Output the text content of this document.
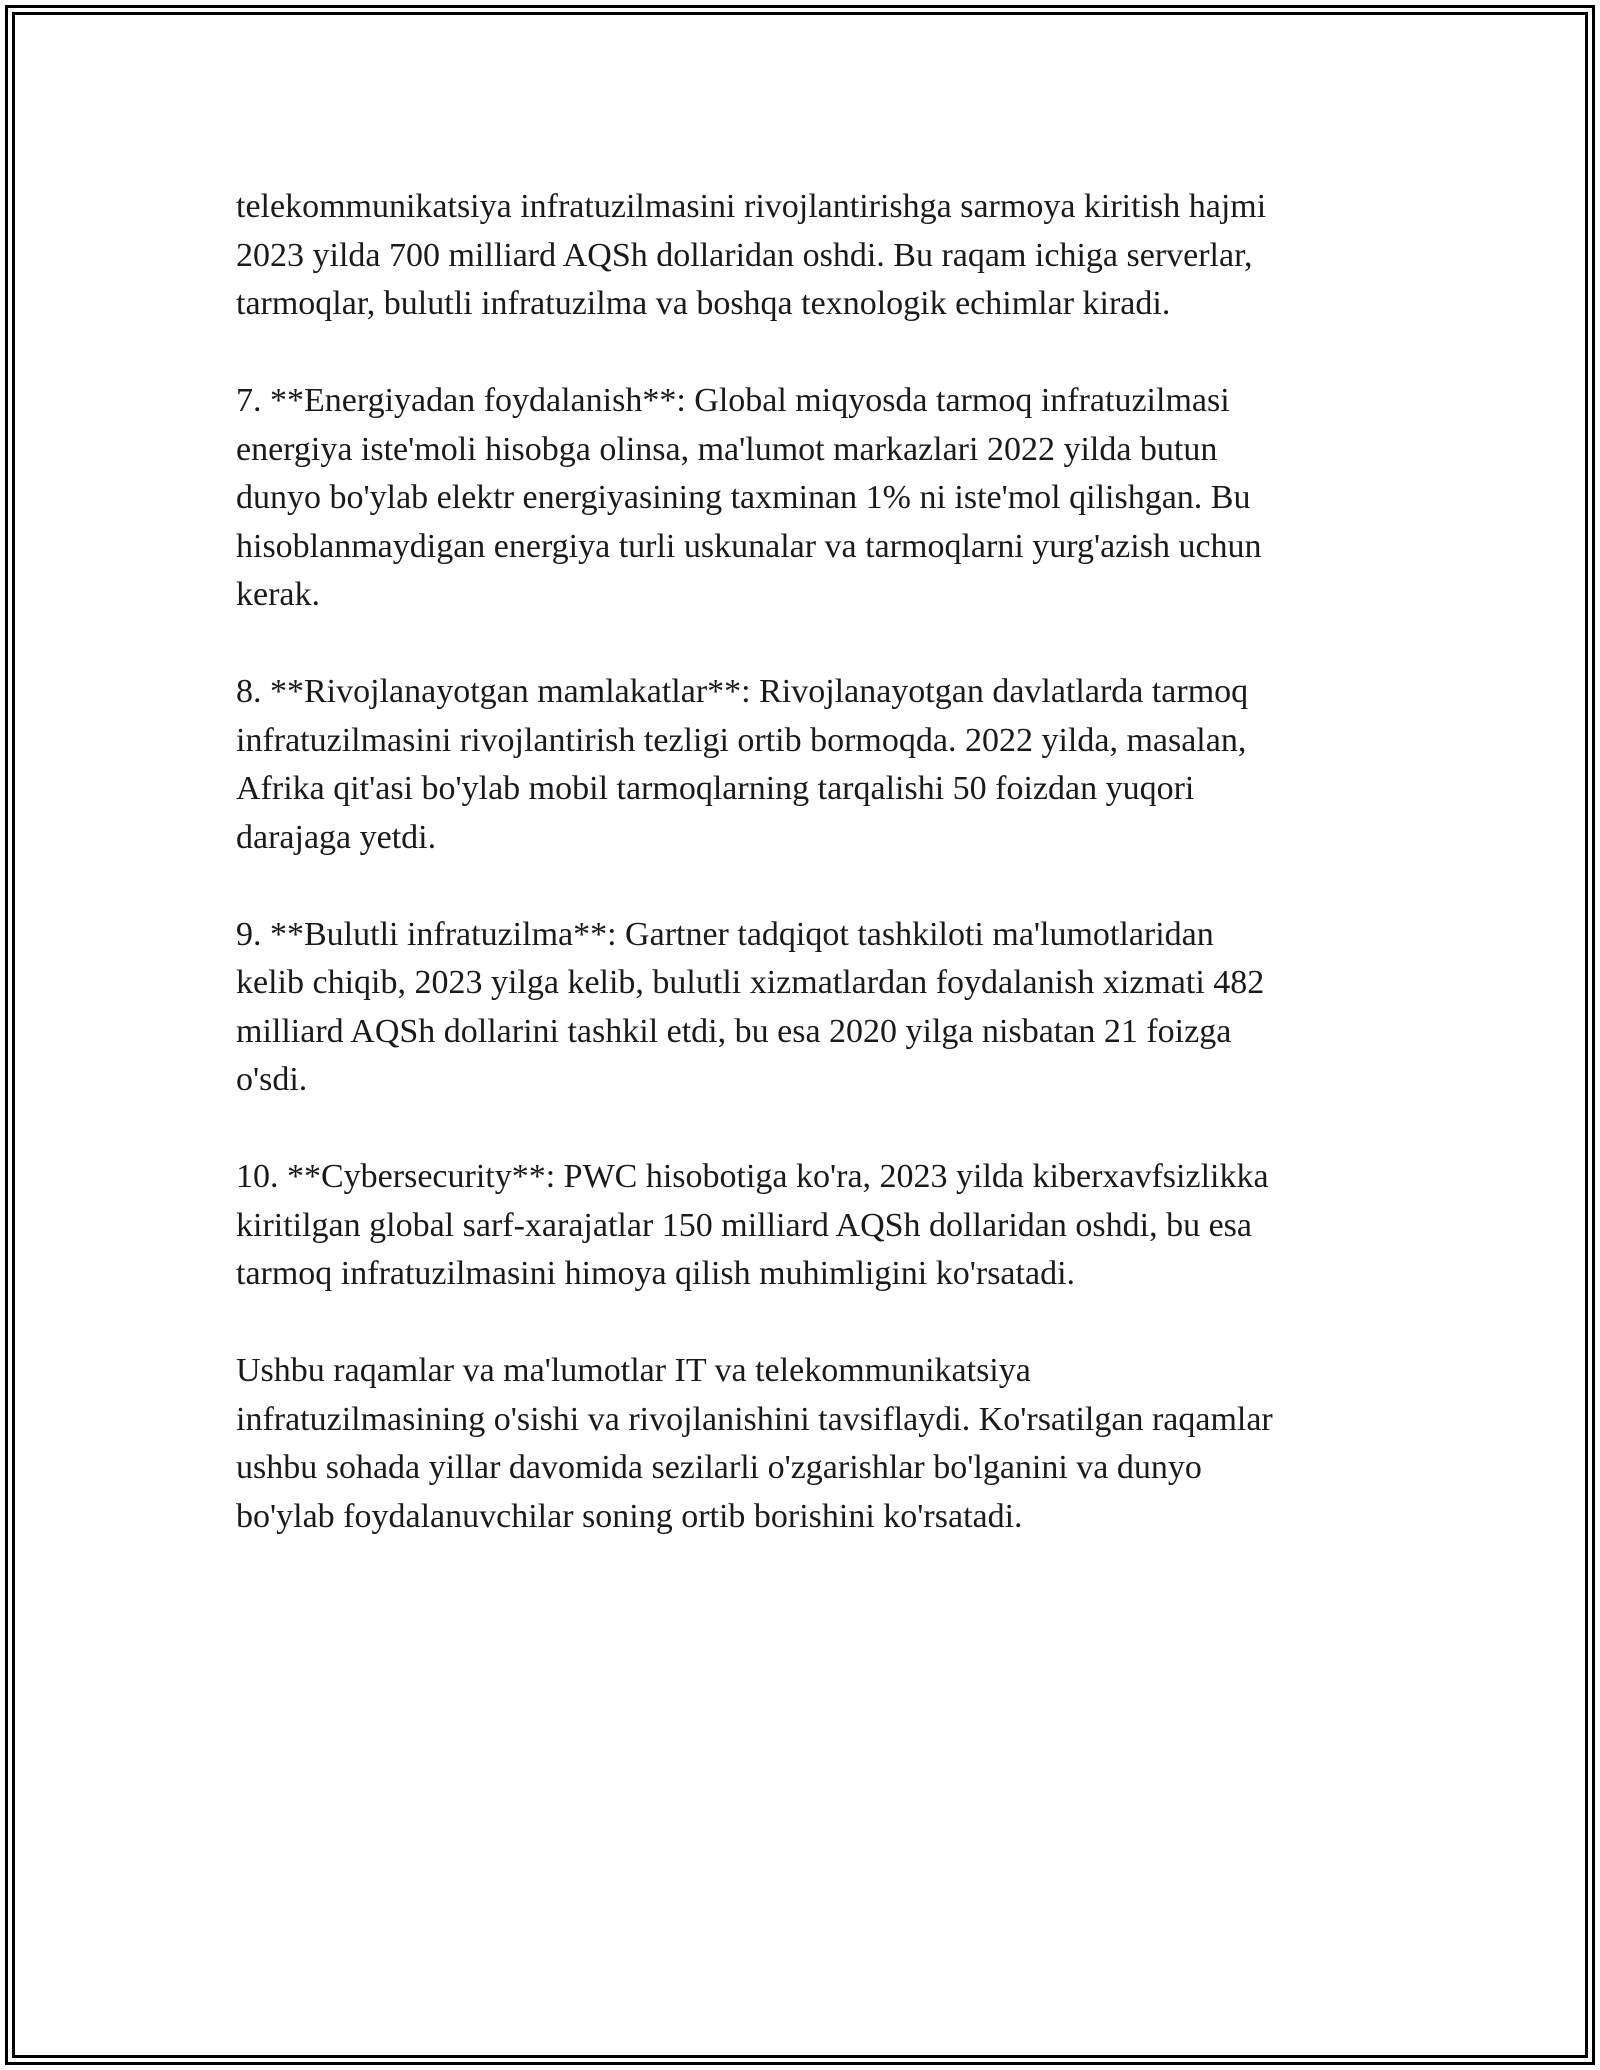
telekommunikatsiya infratuzilmasini rivojlantirishga sarmoya kiritish hajmi
2023 yilda 700 milliard AQSh dollaridan oshdi. Bu raqam ichiga serverlar,
tarmoqlar, bulutli infratuzilma va boshqa texnologik echimlar kiradi.

7. **Energiyadan foydalanish**: Global miqyosda tarmoq infratuzilmasi
energiya iste'moli hisobga olinsa, ma'lumot markazlari 2022 yilda butun
dunyo bo'ylab elektr energiyasining taxminan 1% ni iste'mol qilishgan. Bu
hisoblanmaydigan energiya turli uskunalar va tarmoqlarni yurg'azish uchun
kerak.

8. **Rivojlanayotgan mamlakatlar**: Rivojlanayotgan davlatlarda tarmoq
infratuzilmasini rivojlantirish tezligi ortib bormoqda. 2022 yilda, masalan,
Afrika qit'asi bo'ylab mobil tarmoqlarning tarqalishi 50 foizdan yuqori
darajaga yetdi.

9. **Bulutli infratuzilma**: Gartner tadqiqot tashkiloti ma'lumotlaridan
kelib chiqib, 2023 yilga kelib, bulutli xizmatlardan foydalanish xizmati 482
milliard AQSh dollarini tashkil etdi, bu esa 2020 yilga nisbatan 21 foizga
o'sdi.

10. **Cybersecurity**: PWC hisobotiga ko'ra, 2023 yilda kiberxavfsizlikka
kiritilgan global sarf-xarajatlar 150 milliard AQSh dollaridan oshdi, bu esa
tarmoq infratuzilmasini himoya qilish muhimligini ko'rsatadi.

Ushbu raqamlar va ma'lumotlar IT va telekommunikatsiya
infratuzilmasining o'sishi va rivojlanishini tavsiflaydi. Ko'rsatilgan raqamlar
ushbu sohada yillar davomida sezilarli o'zgarishlar bo'lganini va dunyo
bo'ylab foydalanuvchilar soning ortib borishini ko'rsatadi.
